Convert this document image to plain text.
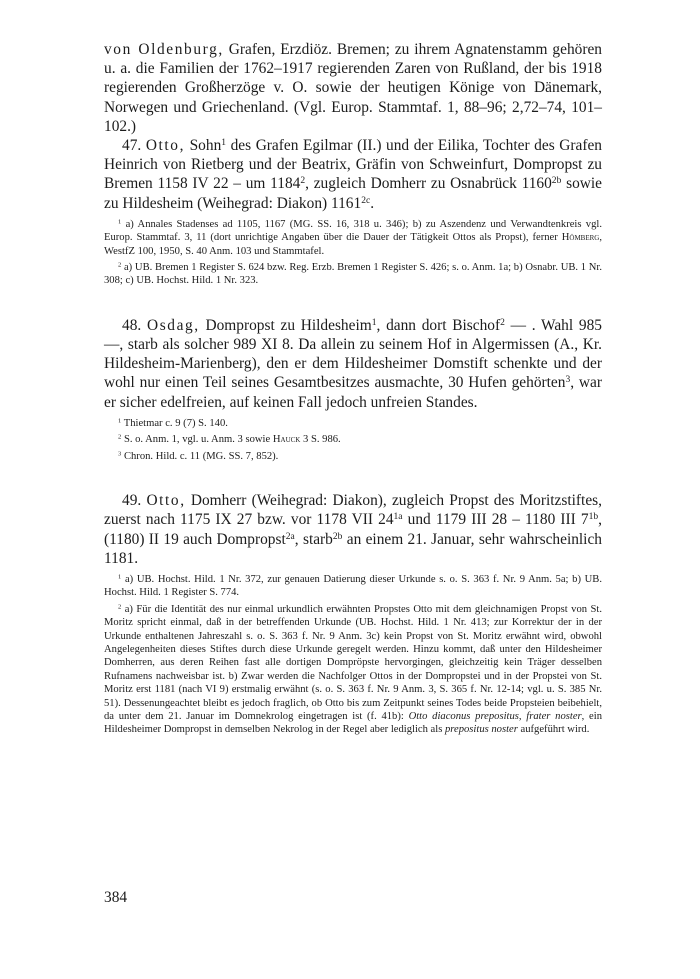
von Oldenburg, Grafen, Erzdiöz. Bremen; zu ihrem Agnatenstamm gehören u. a. die Familien der 1762–1917 regierenden Zaren von Rußland, der bis 1918 regierenden Großherzöge v. O. sowie der heutigen Könige von Dänemark, Norwegen und Griechenland. (Vgl. Europ. Stammtaf. 1, 88–96; 2,72–74, 101–102.)

47. Otto, Sohn$^1$ des Grafen Egilmar (II.) und der Eilika, Tochter des Grafen Heinrich von Rietberg und der Beatrix, Gräfin von Schweinfurt, Dompropst zu Bremen 1158 IV 22 – um 1184$^2$, zugleich Domherr zu Osnabrück $1160^{2b}$ sowie zu Hildesheim (Weihegrad: Diakon) $1161^{2c}$.

$^1$ a) Annales Stadenses ad 1105, 1167 (MG. SS. 16, 318 u. 346); b) zu Aszendenz und Verwandtenkreis vgl. Europ. Stammtaf. 3, 11 (dort unrichtige Angaben über die Dauer der Tätigkeit Ottos als Propst), ferner Hömberg, WestfZ 100, 1950, S. 40 Anm. 103 und Stammtafel.

$^2$ a) UB. Bremen 1 Register S. 624 bzw. Reg. Erzb. Bremen 1 Register S. 426; s. o. Anm. 1a; b) Osnabr. UB. 1 Nr. 308; c) UB. Hochst. Hild. 1 Nr. 323.

48. Osdag, Dompropst zu Hildesheim$^1$, dann dort Bischof$^2$ — . Wahl 985 —, starb als solcher 989 XI 8. Da allein zu seinem Hof in Algermissen (A., Kr. Hildesheim-Marienberg), den er dem Hildesheimer Domstift schenkte und der wohl nur einen Teil seines Gesamtbesitzes ausmachte, 30 Hufen gehörten$^3$, war er sicher edelfreien, auf keinen Fall jedoch unfreien Standes.

$^1$ Thietmar c. 9 (7) S. 140.

$^2$ S. o. Anm. 1, vgl. u. Anm. 3 sowie Hauck 3 S. 986.

$^3$ Chron. Hild. c. 11 (MG. SS. 7, 852).

49. Otto, Domherr (Weihegrad: Diakon), zugleich Propst des Moritzstiftes, zuerst nach 1175 IX 27 bzw. vor 1178 VII $24^{1a}$ und 1179 III 28 – 1180 III $7^{1b}$, (1180) II 19 auch Dompropst$^{2a}$, starb$^{2b}$ an einem 21. Januar, sehr wahrscheinlich 1181.

$^1$ a) UB. Hochst. Hild. 1 Nr. 372, zur genauen Datierung dieser Urkunde s. o. S. 363 f. Nr. 9 Anm. 5a; b) UB. Hochst. Hild. 1 Register S. 774.

$^2$ a) Für die Identität des nur einmal urkundlich erwähnten Propstes Otto mit dem gleichnamigen Propst von St. Moritz spricht einmal, daß in der betreffenden Urkunde (UB. Hochst. Hild. 1 Nr. 413; zur Korrektur der in der Urkunde enthaltenen Jahreszahl s. o. S. 363 f. Nr. 9 Anm. 3c) kein Propst von St. Moritz erwähnt wird, obwohl Angelegenheiten dieses Stiftes durch diese Urkunde geregelt werden. Hinzu kommt, daß unter den Hildesheimer Domherren, aus deren Reihen fast alle dortigen Dompröpste hervorgingen, gleichzeitig kein Träger desselben Rufnamens nachweisbar ist. b) Zwar werden die Nachfolger Ottos in der Dompropstei und in der Propstei von St. Moritz erst 1181 (nach VI 9) erstmalig erwähnt (s. o. S. 363 f. Nr. 9 Anm. 3, S. 365 f. Nr. 12-14; vgl. u. S. 385 Nr. 51). Dessenungeachtet bleibt es jedoch fraglich, ob Otto bis zum Zeitpunkt seines Todes beide Propsteien beibehielt, da unter dem 21. Januar im Domnekrolog eingetragen ist (f. 41b): Otto diaconus prepositus, frater noster, ein Hildesheimer Dompropst in demselben Nekrolog in der Regel aber lediglich als prepositus noster aufgeführt wird.

384
